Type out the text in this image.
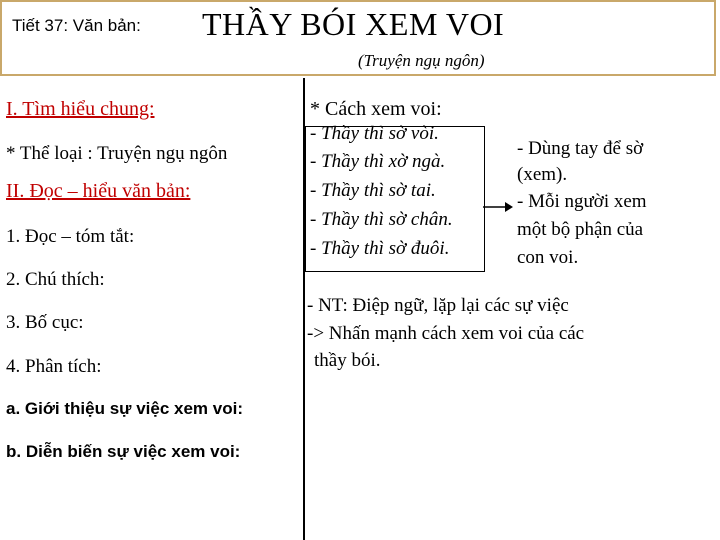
Tiết 37: Văn bản: THẦY BÓI XEM VOI
(Truyện ngụ ngôn)
I. Tìm hiểu chung:
* Thể loại : Truyện ngụ ngôn
II. Đọc – hiểu văn bản:
1. Đọc – tóm tắt:
2. Chú thích:
3. Bố cục:
4. Phân tích:
a. Giới thiệu sự việc xem voi:
b. Diễn biến sự việc xem voi:
* Cách xem voi:
- Thầy thì sờ vòi.
- Thầy thì xờ ngà.
- Thầy thì sờ tai.
- Thầy thì sờ chân.
- Thầy thì sờ đuôi.
- Dùng tay để sờ
(xem).
- Mỗi người xem
một bộ phận của
con voi.
- NT: Điệp ngữ, lặp lại các sự việc
-> Nhấn mạnh cách xem voi của các
thầy bói.
